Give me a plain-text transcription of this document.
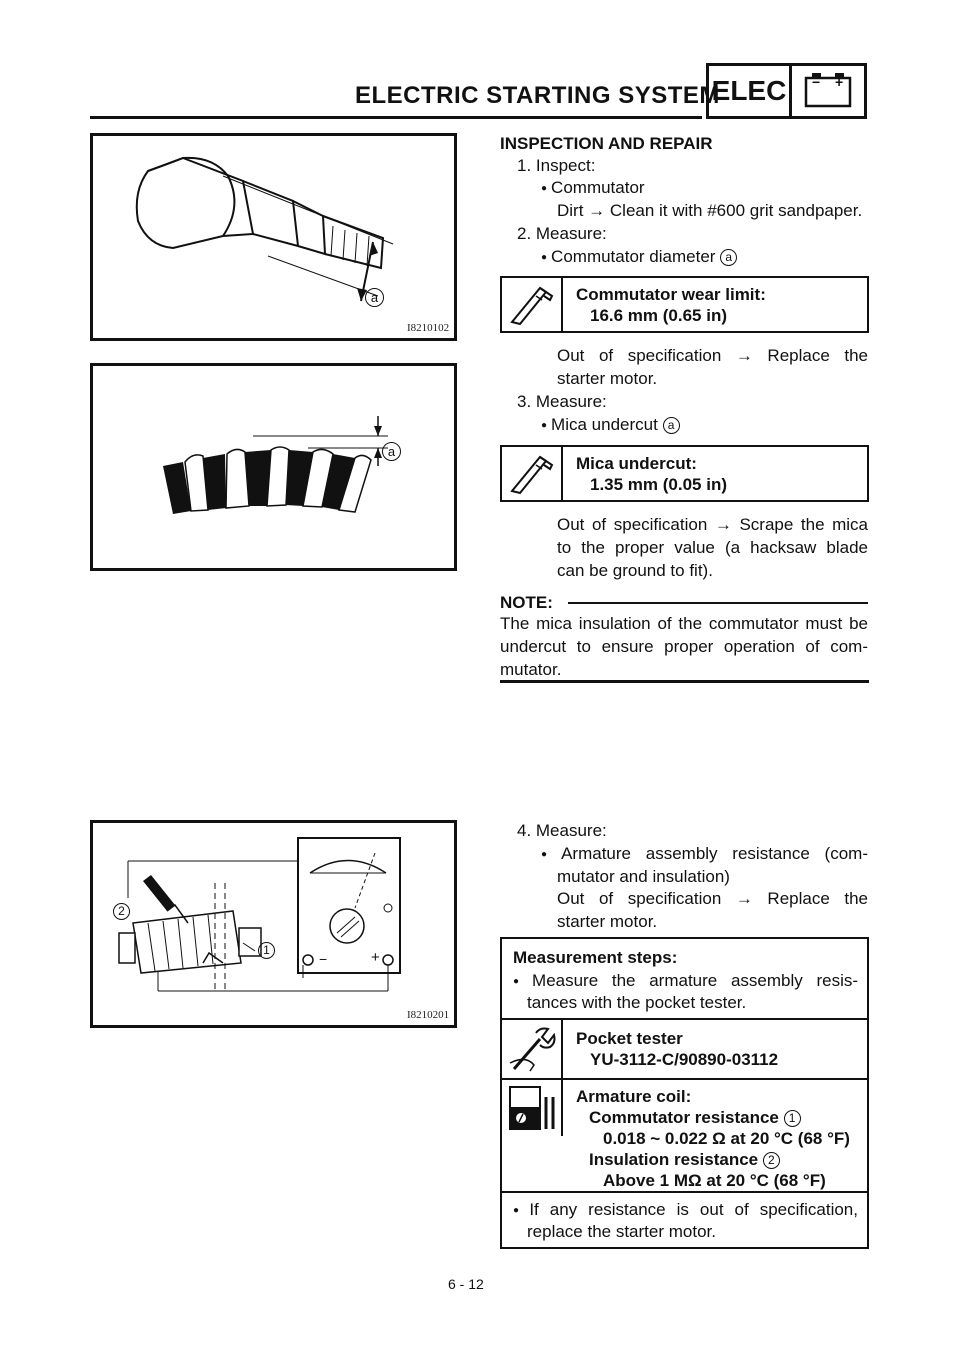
ELECTRIC STARTING SYSTEM
ELEC	− +
a
I8210102
a
1
2
−	+
I8210201
INSPECTION AND REPAIR
1. Inspect:
● Commutator
Dirt → Clean it with #600 grit sandpaper.
2. Measure:
● Commutator diameter a
Commutator wear limit:
16.6 mm (0.65 in)
Out of specification → Replace the
starter motor.
3. Measure:
● Mica undercut a
Mica undercut:
1.35 mm (0.05 in)
Out of specification → Scrape the mica
to the proper value (a hacksaw blade
can be ground to fit).
NOTE:
The mica insulation of the commutator must be
undercut to ensure proper operation of com-
mutator.
4. Measure:
● Armature assembly resistance (com-
mutator and insulation)
Out of specification → Replace the
starter motor.
Measurement steps:
● Measure the armature assembly resis-
tances with the pocket tester.
Pocket tester
YU-3112-C/90890-03112
Armature coil:
Commutator resistance 1
0.018 ~ 0.022 Ω at 20 °C (68 °F)
Insulation resistance 2
Above 1 MΩ at 20 °C (68 °F)
● If any resistance is out of specification,
replace the starter motor.
6 - 12
